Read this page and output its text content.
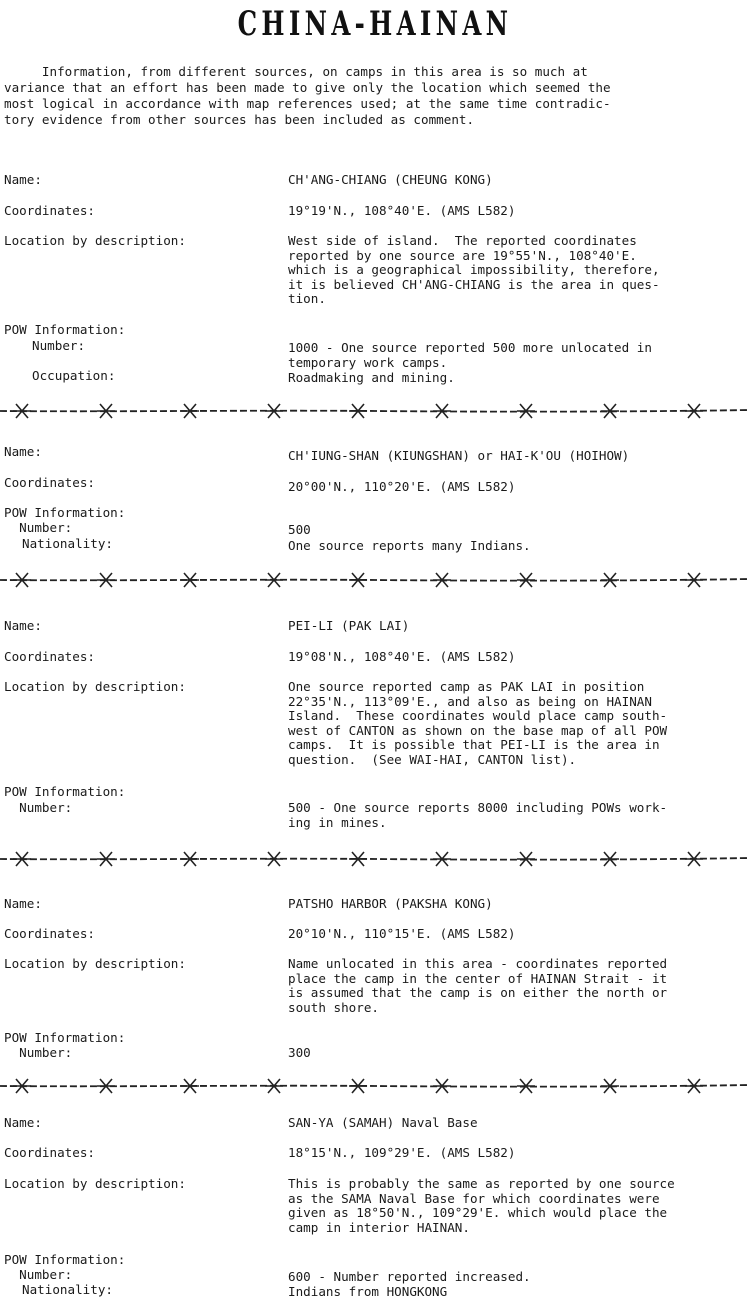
CHINA-HAINAN
Information, from different sources, on camps in this area is so much at
variance that an effort has been made to give only the location which seemed the
most logical in accordance with map references used; at the same time contradic-
tory evidence from other sources has been included as comment.
Name:	CH'ANG-CHIANG (CHEUNG KONG)
Coordinates:	19°19'N., 108°40'E. (AMS L582)
Location by description:	West side of island.  The reported coordinates
reported by one source are 19°55'N., 108°40'E.
which is a geographical impossibility, therefore,
it is believed CH'ANG-CHIANG is the area in ques-
tion.
POW Information:
Number:	1000 - One source reported 500 more unlocated in
temporary work camps.
Occupation:	Roadmaking and mining.
Name:	CH'IUNG-SHAN (KIUNGSHAN) or HAI-K'OU (HOIHOW)
Coordinates:	20°00'N., 110°20'E. (AMS L582)
POW Information:
Number:	500
Nationality:	One source reports many Indians.
Name:	PEI-LI (PAK LAI)
Coordinates:	19°08'N., 108°40'E. (AMS L582)
Location by description:	One source reported camp as PAK LAI in position
22°35'N., 113°09'E., and also as being on HAINAN
Island.  These coordinates would place camp south-
west of CANTON as shown on the base map of all POW
camps.  It is possible that PEI-LI is the area in
question.  (See WAI-HAI, CANTON list).
POW Information:
Number:	500 - One source reports 8000 including POWs work-
ing in mines.
Name:	PATSHO HARBOR (PAKSHA KONG)
Coordinates:	20°10'N., 110°15'E. (AMS L582)
Location by description:	Name unlocated in this area - coordinates reported
place the camp in the center of HAINAN Strait - it
is assumed that the camp is on either the north or
south shore.
POW Information:
Number:	300
Name:	SAN-YA (SAMAH) Naval Base
Coordinates:	18°15'N., 109°29'E. (AMS L582)
Location by description:	This is probably the same as reported by one source
as the SAMA Naval Base for which coordinates were
given as 18°50'N., 109°29'E. which would place the
camp in interior HAINAN.
POW Information:
Number:	600 - Number reported increased.
Nationality:	Indians from HONGKONG
